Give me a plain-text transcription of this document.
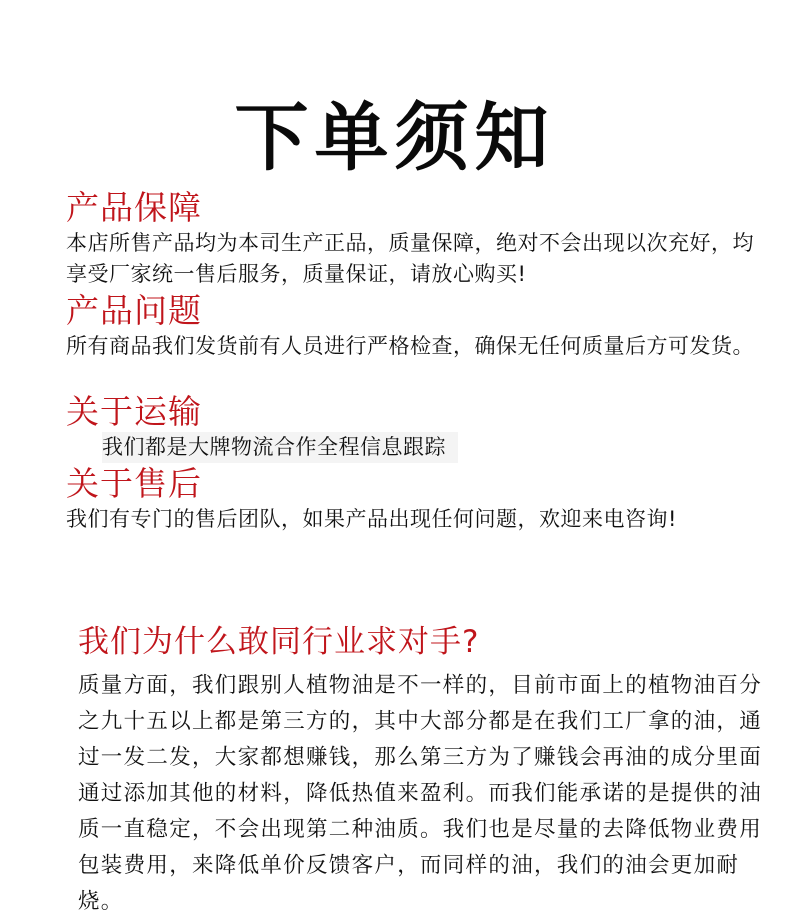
下单须知
产品保障

本店所售产品均为本司生产正品，质量保障，绝对不会出现以次充好，均享受厂家统一售后服务，质量保证，请放心购买!

产品问题

所有商品我们发货前有人员进行严格检查，确保无任何质量后方可发货。

关于运输

我们都是大牌物流合作全程信息跟踪

关于售后

我们有专门的售后团队，如果产品出现任何问题，欢迎来电咨询!

我们为什么敢同行业求对手?

质量方面，我们跟别人植物油是不一样的，目前市面上的植物油百分之九十五以上都是第三方的，其中大部分都是在我们工厂拿的油，通过一发二发，大家都想赚钱，那么第三方为了赚钱会再油的成分里面通过添加其他的材料，降低热值来盈利。而我们能承诺的是提供的油质一直稳定，不会出现第二种油质。我们也是尽量的去降低物业费用包装费用，来降低单价反馈客户，而同样的油，我们的油会更加耐烧。
